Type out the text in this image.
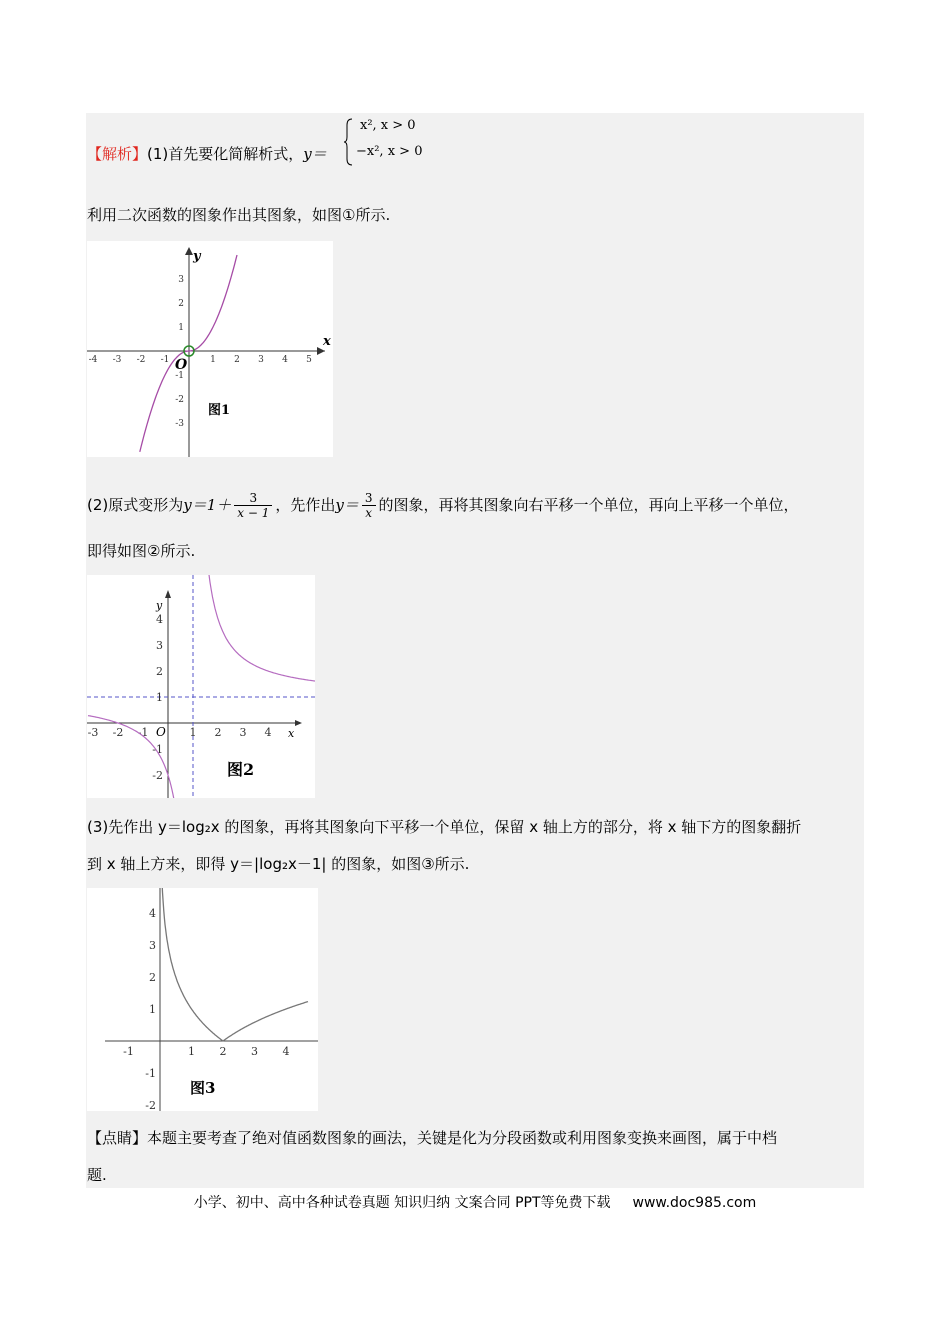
【解析】(1)首先要化简解析式，y＝
x², x > 0
−x², x > 0
利用二次函数的图象作出其图象，如图①所示.
-4 -3 -2 -1	1 2 3 4 5
3
2
1
-1
-2
-3
O
x
y
图1
(2)原式变形为$y=1+ \frac{3}{x - 1}$ ，先作出$y= \frac{3}{x}$ 的图象，再将其图象向右平移一个单位，再向上平移一个单位，
即得如图②所示.
-3 -2 -1	1 2 3 4
4
3
2
1
-1
-2
O	x
y
图2
(3)先作出 y＝log₂x 的图象，再将其图象向下平移一个单位，保留 x 轴上方的部分，将 x 轴下方的图象翻折
到 x 轴上方来，即得 y＝|log₂x－1| 的图象，如图③所示.
-1	1 2 3 4
4
3
2
1
-1
-2
图3
【点睛】本题主要考查了绝对值函数图象的画法，关键是化为分段函数或利用图象变换来画图，属于中档
题.
小学、初中、高中各种试卷真题 知识归纳 文案合同 PPT等免费下载 www.doc985.com
